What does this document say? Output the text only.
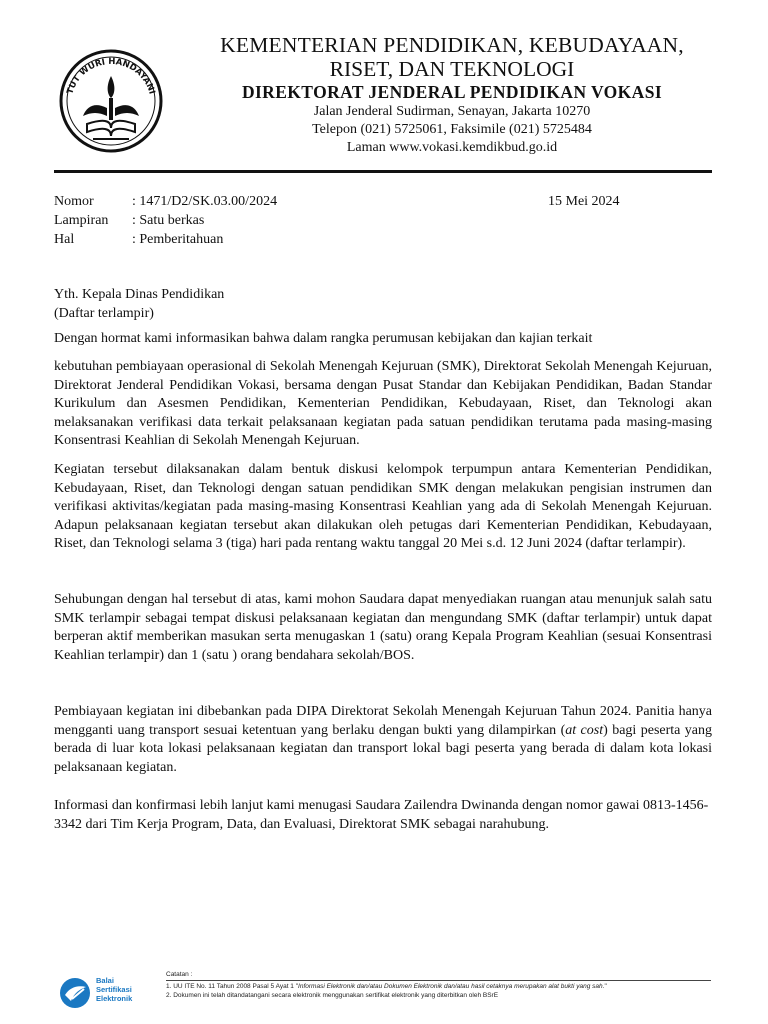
TUT WURI HANDAYANI
KEMENTERIAN PENDIDIKAN, KEBUDAYAAN,
RISET, DAN TEKNOLOGI
DIREKTORAT JENDERAL PENDIDIKAN VOKASI
Jalan Jenderal Sudirman, Senayan, Jakarta 10270
Telepon (021) 5725061, Faksimile (021) 5725484
Laman www.vokasi.kemdikbud.go.id
Nomor	: 1471/D2/SK.03.00/2024
Lampiran	: Satu berkas
Hal	: Pemberitahuan
15 Mei 2024
Yth. Kepala Dinas Pendidikan
(Daftar terlampir)
Dengan hormat kami informasikan bahwa dalam rangka perumusan kebijakan dan kajian terkait
kebutuhan pembiayaan operasional di Sekolah Menengah Kejuruan (SMK), Direktorat Sekolah Menengah Kejuruan, Direktorat Jenderal Pendidikan Vokasi, bersama dengan Pusat Standar dan Kebijakan Pendidikan, Badan Standar Kurikulum dan Asesmen Pendidikan, Kementerian Pendidikan, Kebudayaan, Riset, dan Teknologi akan melaksanakan verifikasi data terkait pelaksanaan kegiatan pada satuan pendidikan terutama pada masing-masing Konsentrasi Keahlian di Sekolah Menengah Kejuruan.
Kegiatan tersebut dilaksanakan dalam bentuk diskusi kelompok terpumpun antara Kementerian Pendidikan, Kebudayaan, Riset, dan Teknologi dengan satuan pendidikan SMK dengan melakukan pengisian instrumen dan verifikasi aktivitas/kegiatan pada masing-masing Konsentrasi Keahlian yang ada di Sekolah Menengah Kejuruan. Adapun pelaksanaan kegiatan tersebut akan dilakukan oleh petugas dari Kementerian Pendidikan, Kebudayaan, Riset, dan Teknologi selama 3 (tiga) hari pada rentang waktu tanggal 20 Mei s.d. 12 Juni 2024 (daftar terlampir).
Sehubungan dengan hal tersebut di atas, kami mohon Saudara dapat menyediakan ruangan atau menunjuk salah satu SMK terlampir sebagai tempat diskusi pelaksanaan kegiatan dan mengundang SMK (daftar terlampir) untuk dapat berperan aktif memberikan masukan serta menugaskan 1 (satu) orang Kepala Program Keahlian (sesuai Konsentrasi Keahlian terlampir) dan 1 (satu ) orang bendahara sekolah/BOS.
Pembiayaan kegiatan ini dibebankan pada DIPA Direktorat Sekolah Menengah Kejuruan Tahun 2024. Panitia hanya mengganti uang transport sesuai ketentuan yang berlaku dengan bukti yang dilampirkan (at cost) bagi peserta yang berada di luar kota lokasi pelaksanaan kegiatan dan transport lokal bagi peserta yang berada di dalam kota lokasi pelaksanaan kegiatan.
Informasi dan konfirmasi lebih lanjut kami menugasi Saudara Zailendra Dwinanda dengan nomor gawai 0813-1456-3342 dari Tim Kerja Program, Data, dan Evaluasi, Direktorat SMK sebagai narahubung.
Balai
Sertifikasi
Elektronik
Catatan :
1. UU ITE No. 11 Tahun 2008 Pasal 5 Ayat 1 "Informasi Elektronik dan/atau Dokumen Elektronik dan/atau hasil cetaknya merupakan alat bukti yang sah."
2. Dokumen ini telah ditandatangani secara elektronik menggunakan sertifikat elektronik yang diterbitkan oleh BSrE
